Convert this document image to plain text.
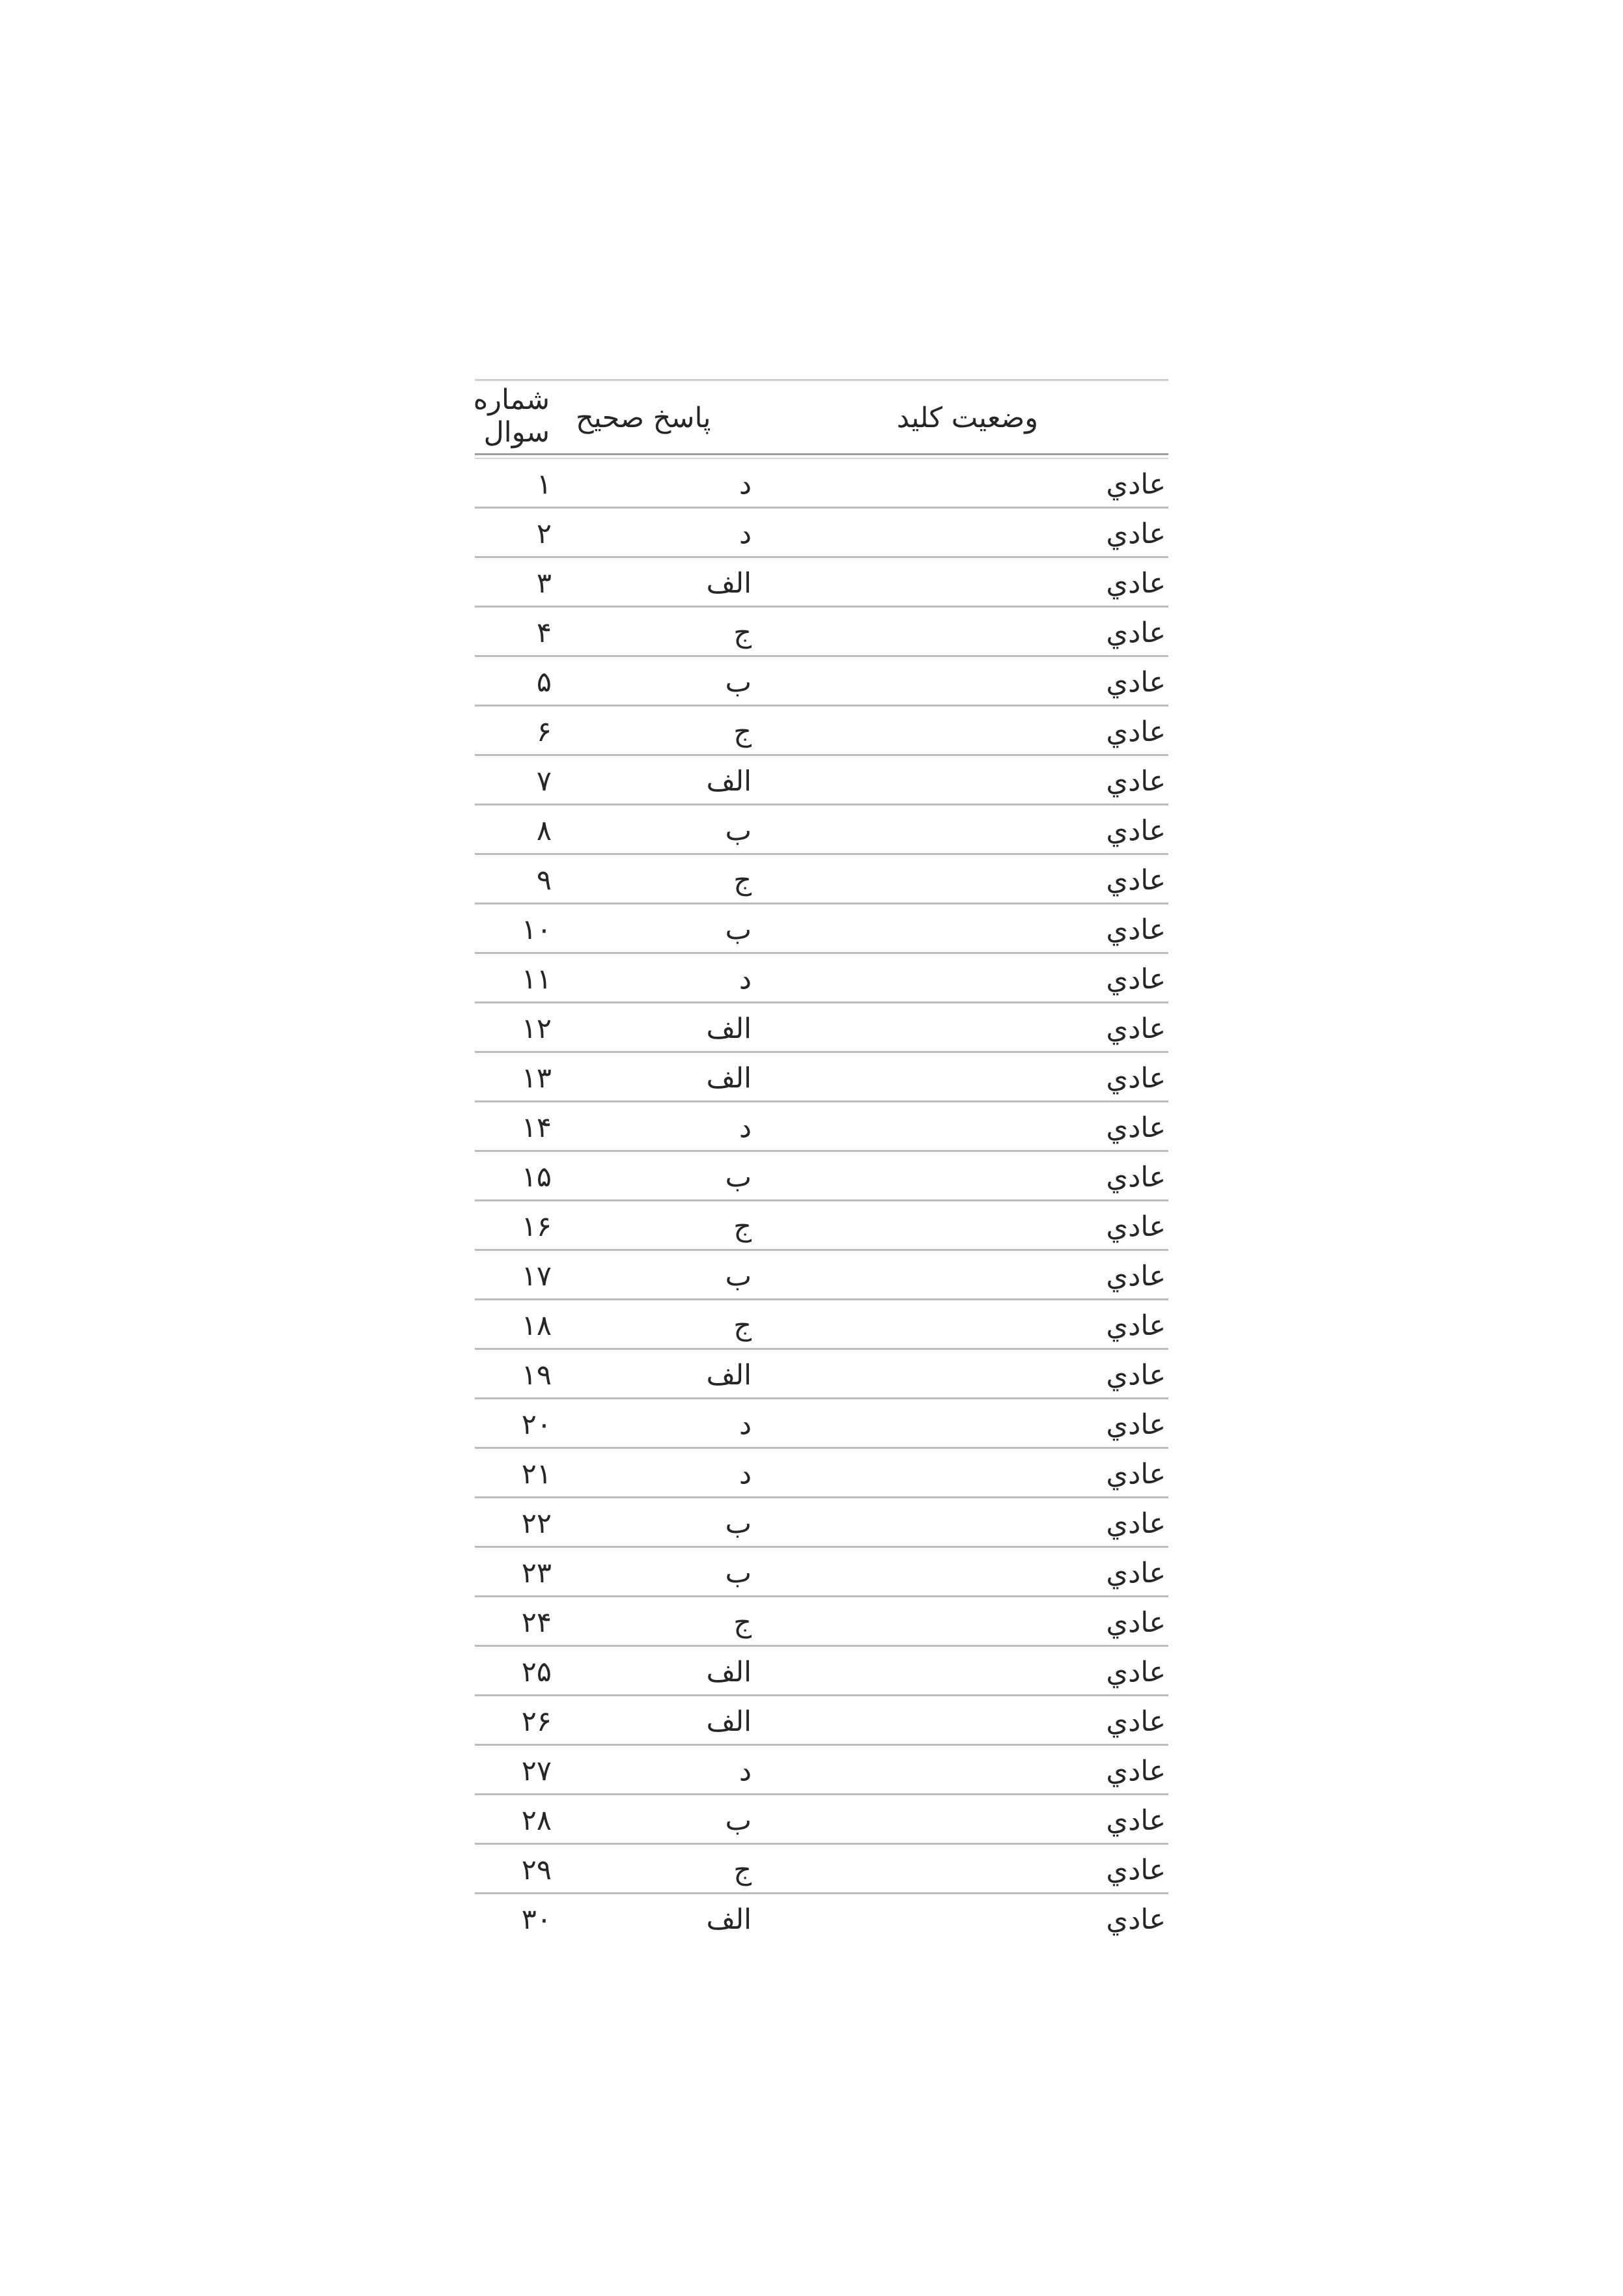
وضعیت کلید
پاسخ صحیح
شماره سوال
عادي
د
۱
عادي
د
۲
عادي
الف
۳
عادي
ج
۴
عادي
ب
۵
عادي
ج
۶
عادي
الف
۷
عادي
ب
۸
عادي
ج
۹
عادي
ب
۱۰
عادي
د
۱۱
عادي
الف
۱۲
عادي
الف
۱۳
عادي
د
۱۴
عادي
ب
۱۵
عادي
ج
۱۶
عادي
ب
۱۷
عادي
ج
۱۸
عادي
الف
۱۹
عادي
د
۲۰
عادي
د
۲۱
عادي
ب
۲۲
عادي
ب
۲۳
عادي
ج
۲۴
عادي
الف
۲۵
عادي
الف
۲۶
عادي
د
۲۷
عادي
ب
۲۸
عادي
ج
۲۹
عادي
الف
۳۰
